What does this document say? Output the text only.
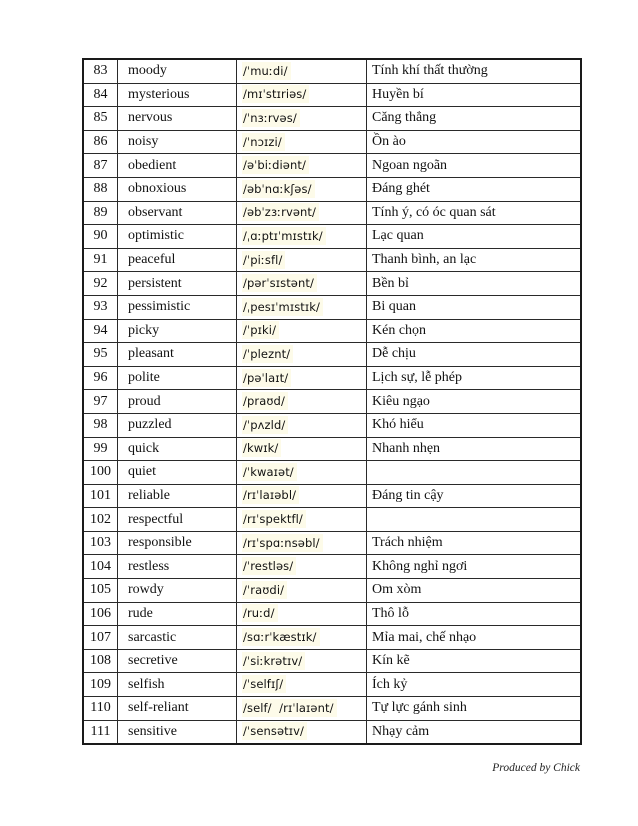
83	moody	/ˈmuːdi/	Tính khí thất thường
84	mysterious	/mɪˈstɪriəs/	Huyền bí
85	nervous	/ˈnɜːrvəs/	Căng thẳng
86	noisy	/ˈnɔɪzi/	Ồn ào
87	obedient	/əˈbiːdiənt/	Ngoan ngoãn
88	obnoxious	/əbˈnɑːkʃəs/	Đáng ghét
89	observant	/əbˈzɜːrvənt/	Tính ý, có óc quan sát
90	optimistic	/ˌɑːptɪˈmɪstɪk/	Lạc quan
91	peaceful	/ˈpiːsfl/	Thanh bình, an lạc
92	persistent	/pərˈsɪstənt/	Bền bỉ
93	pessimistic	/ˌpesɪˈmɪstɪk/	Bi quan
94	picky	/ˈpɪki/	Kén chọn
95	pleasant	/ˈpleznt/	Dễ chịu
96	polite	/pəˈlaɪt/	Lịch sự, lễ phép
97	proud	/praʊd/	Kiêu ngạo
98	puzzled	/ˈpʌzld/	Khó hiểu
99	quick	/kwɪk/	Nhanh nhẹn
100	quiet	/ˈkwaɪət/	
101	reliable	/rɪˈlaɪəbl/	Đáng tin cậy
102	respectful	/rɪˈspektfl/	
103	responsible	/rɪˈspɑːnsəbl/	Trách nhiệm
104	restless	/ˈrestləs/	Không nghỉ ngơi
105	rowdy	/ˈraʊdi/	Om xòm
106	rude	/ruːd/	Thô lỗ
107	sarcastic	/sɑːrˈkæstɪk/	Mỉa mai, chế nhạo
108	secretive	/ˈsiːkrətɪv/	Kín kẽ
109	selfish	/ˈselfɪʃ/	Ích kỷ
110	self-reliant	/self/  /rɪˈlaɪənt/	Tự lực gánh sinh
111	sensitive	/ˈsensətɪv/	Nhạy cảm
Produced by Chick
